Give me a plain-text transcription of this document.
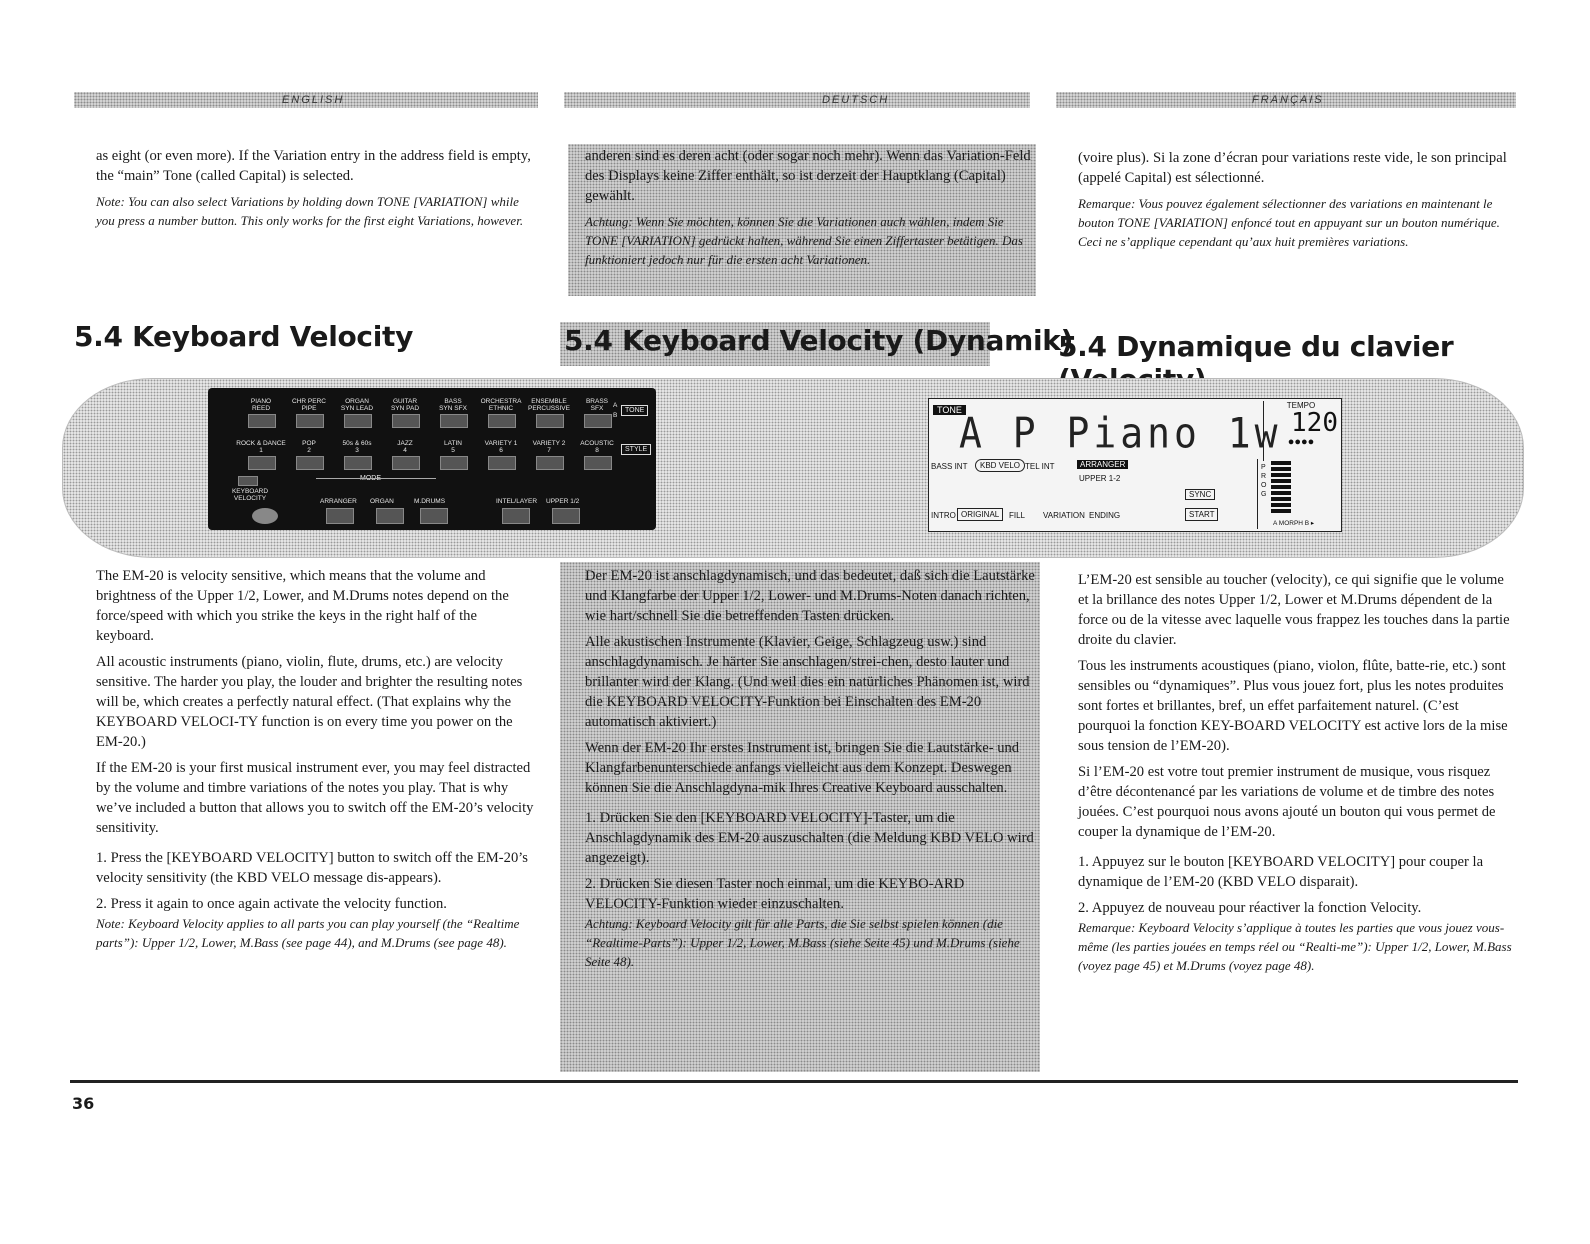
ENGLISH	DEUTSCH	FRANÇAIS

as eight (or even more). If the Variation entry in the address field is empty, the “main” Tone (called Capital) is selected.

Note: You can also select Variations by holding down TONE [VARIATION] while you press a number button. This only works for the first eight Variations, however.

anderen sind es deren acht (oder sogar noch mehr). Wenn das Variation-Feld des Displays keine Ziffer enthält, so ist derzeit der Hauptklang (Capital) gewählt.

Achtung: Wenn Sie möchten, können Sie die Variationen auch wählen, indem Sie TONE [VARIATION] gedrückt halten, während Sie einen Ziffertaster betätigen. Das funktioniert jedoch nur für die ersten acht Variationen.

(voire plus). Si la zone d’écran pour variations reste vide, le son principal (appelé Capital) est sélectionné.

Remarque: Vous pouvez également sélectionner des variations en maintenant le bouton TONE [VARIATION] enfoncé tout en appuyant sur un bouton numérique. Ceci ne s’applique cependant qu’aux huit premières variations.

5.4 Keyboard Velocity	5.4 Keyboard Velocity (Dynamik)
5.4 Dynamique du clavier
PIANO
REED
CHR PERC
PIPE
ORGAN
SYN LEAD
GUITAR
SYN PAD
BASS
SYN SFX
ORCHESTRA
ETHNIC
ENSEMBLE
PERCUSSIVE
BRASS
SFX
ROCK & DANCE
1
POP
2
50s & 60s
3
JAZZ
4
LATIN
5
VARIETY 1
6
VARIETY 2
7
ACOUSTIC
8
A
B
TONE
STYLE
MODE
KEYBOARD
VELOCITY	ARRANGER ORGAN	M.DRUMS	INTEL/LAYER UPPER 1/2
TONE
A P Piano 1w
TEMPO
120
●●●●
BASS INT	KBD VELO TEL INT	ARRANGER
UPPER 1-2
SYNC
INTRO ORIGINAL	FILL VARIATION ENDING	START
PROG
A MORPH B ▸

The EM-20 is velocity sensitive, which means that the volume and brightness of the Upper 1/2, Lower, and M.Drums notes depend on the force/speed with which you strike the keys in the right half of the keyboard.

All acoustic instruments (piano, violin, flute, drums, etc.) are velocity sensitive. The harder you play, the louder and brighter the resulting notes will be, which creates a perfectly natural effect. (That explains why the KEYBOARD VELOCI-TY function is on every time you power on the EM-20.)

If the EM-20 is your first musical instrument ever, you may feel distracted by the volume and timbre variations of the notes you play. That is why we’ve included a button that allows you to switch off the EM-20’s velocity sensitivity.

1. Press the [KEYBOARD VELOCITY] button to switch off the EM-20’s velocity sensitivity (the KBD VELO message dis-appears).

2. Press it again to once again activate the velocity function.

Note: Keyboard Velocity applies to all parts you can play yourself (the “Realtime parts”): Upper 1/2, Lower, M.Bass (see page 44), and M.Drums (see page 48).

Der EM-20 ist anschlagdynamisch, und das bedeutet, daß sich die Lautstärke und Klangfarbe der Upper 1/2, Lower- und M.Drums-Noten danach richten, wie hart/schnell Sie die betreffenden Tasten drücken.

Alle akustischen Instrumente (Klavier, Geige, Schlagzeug usw.) sind anschlagdynamisch. Je härter Sie anschlagen/strei-chen, desto lauter und brillanter wird der Klang. (Und weil dies ein natürliches Phänomen ist, wird die KEYBOARD VELOCITY-Funktion bei Einschalten des EM-20 automatisch aktiviert.)

Wenn der EM-20 Ihr erstes Instrument ist, bringen Sie die Lautstärke- und Klangfarbenunterschiede anfangs vielleicht aus dem Konzept. Deswegen können Sie die Anschlagdyna-mik Ihres Creative Keyboard ausschalten.

1. Drücken Sie den [KEYBOARD VELOCITY]-Taster, um die Anschlagdynamik des EM-20 auszuschalten (die Meldung KBD VELO wird angezeigt).

2. Drücken Sie diesen Taster noch einmal, um die KEYBO-ARD VELOCITY-Funktion wieder einzuschalten.

Achtung: Keyboard Velocity gilt für alle Parts, die Sie selbst spielen können (die “Realtime-Parts”): Upper 1/2, Lower, M.Bass (siehe Seite 45) und M.Drums (siehe Seite 48).

L’EM-20 est sensible au toucher (velocity), ce qui signifie que le volume et la brillance des notes Upper 1/2, Lower et M.Drums dépendent de la force ou de la vitesse avec laquelle vous frappez les touches dans la partie droite du clavier.

Tous les instruments acoustiques (piano, violon, flûte, batte-rie, etc.) sont sensibles ou “dynamiques”. Plus vous jouez fort, plus les notes produites sont fortes et brillantes, bref, un effet parfaitement naturel. (C’est pourquoi la fonction KEY-BOARD VELOCITY est active lors de la mise sous tension de l’EM-20).

Si l’EM-20 est votre tout premier instrument de musique, vous risquez d’être décontenancé par les variations de volume et de timbre des notes jouées. C’est pourquoi nous avons ajouté un bouton qui vous permet de couper la dynamique de l’EM-20.

1. Appuyez sur le bouton [KEYBOARD VELOCITY] pour couper la dynamique de l’EM-20 (KBD VELO disparait).

2. Appuyez de nouveau pour réactiver la fonction Velocity.

Remarque: Keyboard Velocity s’applique à toutes les parties que vous jouez vous-même (les parties jouées en temps réel ou “Realti-me”): Upper 1/2, Lower, M.Bass (voyez page 45) et M.Drums (voyez page 48).

36
